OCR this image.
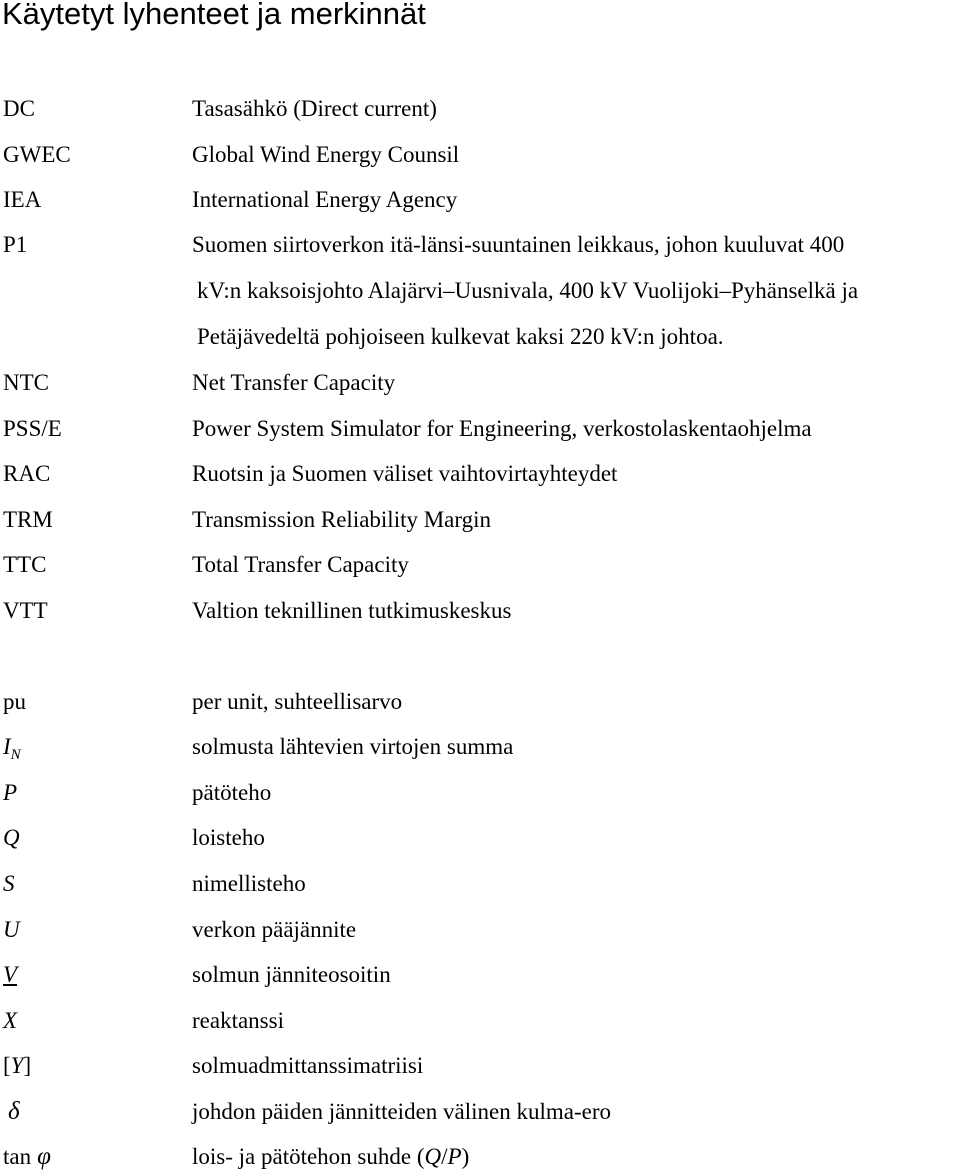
Käytetyt lyhenteet ja merkinnät
DC	Tasasähkö (Direct current)
GWEC	Global Wind Energy Counsil
IEA	International Energy Agency
P1	Suomen siirtoverkon itä-länsi-suuntainen leikkaus, johon kuuluvat 400
kV:n kaksoisjohto Alajärvi–Uusnivala, 400 kV Vuolijoki–Pyhänselkä ja
Petäjävedeltä pohjoiseen kulkevat kaksi 220 kV:n johtoa.
NTC	Net Transfer Capacity
PSS/E	Power System Simulator for Engineering, verkostolaskentaohjelma
RAC	Ruotsin ja Suomen väliset vaihtovirtayhteydet
TRM	Transmission Reliability Margin
TTC	Total Transfer Capacity
VTT	Valtion teknillinen tutkimuskeskus
pu	per unit, suhteellisarvo
$I_N$	solmusta lähtevien virtojen summa
P	pätöteho
Q	loisteho
S	nimellisteho
U	verkon pääjännite
V	solmun jänniteosoitin
X	reaktanssi
[Y]	solmuadmittanssimatriisi
δ	johdon päiden jännitteiden välinen kulma-ero
tan φ	lois- ja pätötehon suhde (Q/P)
